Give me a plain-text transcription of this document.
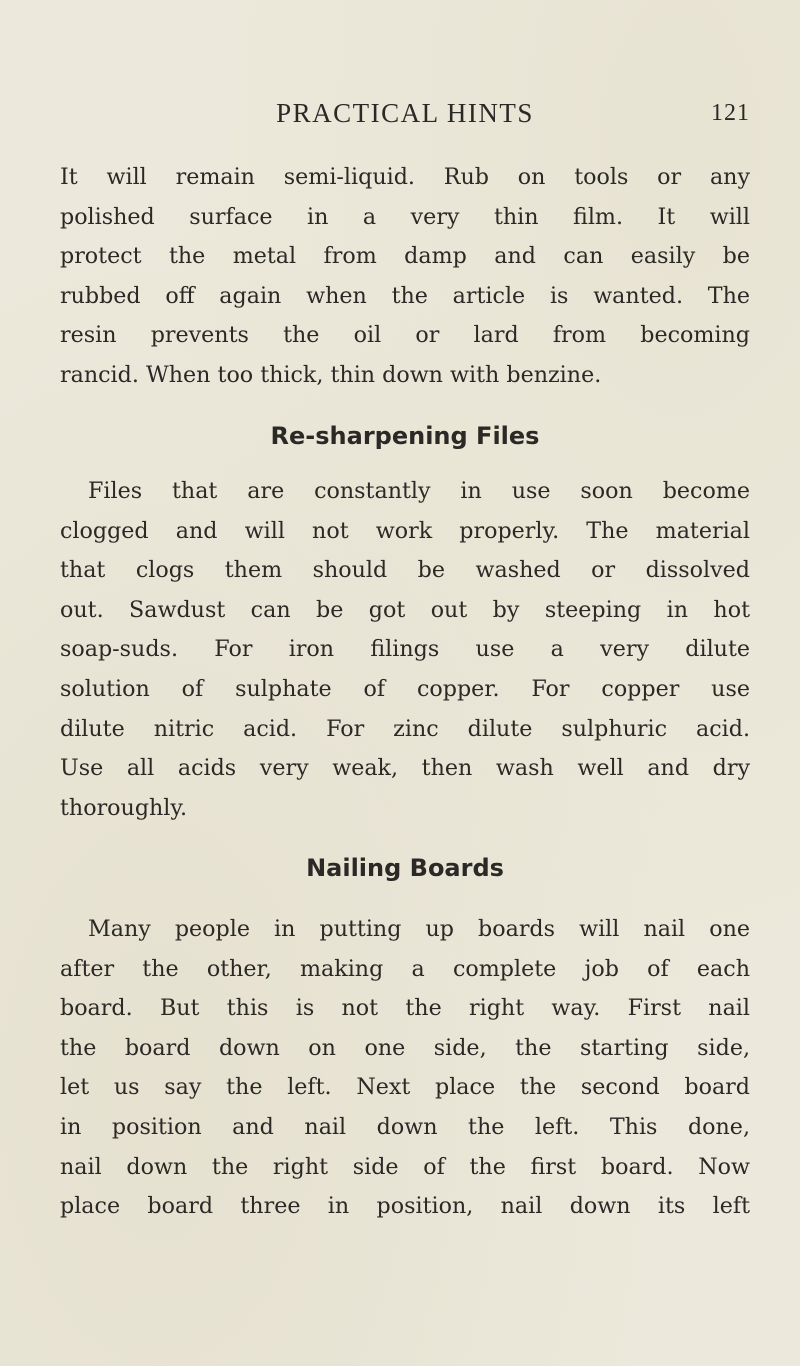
PRACTICAL HINTS	121

It will remain semi-liquid. Rub on tools or any
polished surface in a very thin film. It will
protect the metal from damp and can easily be
rubbed off again when the article is wanted. The
resin prevents the oil or lard from becoming
rancid. When too thick, thin down with benzine.

Re-sharpening Files

Files that are constantly in use soon become
clogged and will not work properly. The material
that clogs them should be washed or dissolved
out. Sawdust can be got out by steeping in hot
soap-suds. For iron filings use a very dilute
solution of sulphate of copper. For copper use
dilute nitric acid. For zinc dilute sulphuric acid.
Use all acids very weak, then wash well and dry
thoroughly.

Nailing Boards

Many people in putting up boards will nail one
after the other, making a complete job of each
board. But this is not the right way. First nail
the board down on one side, the starting side,
let us say the left. Next place the second board
in position and nail down the left. This done,
nail down the right side of the first board. Now
place board three in position, nail down its left
